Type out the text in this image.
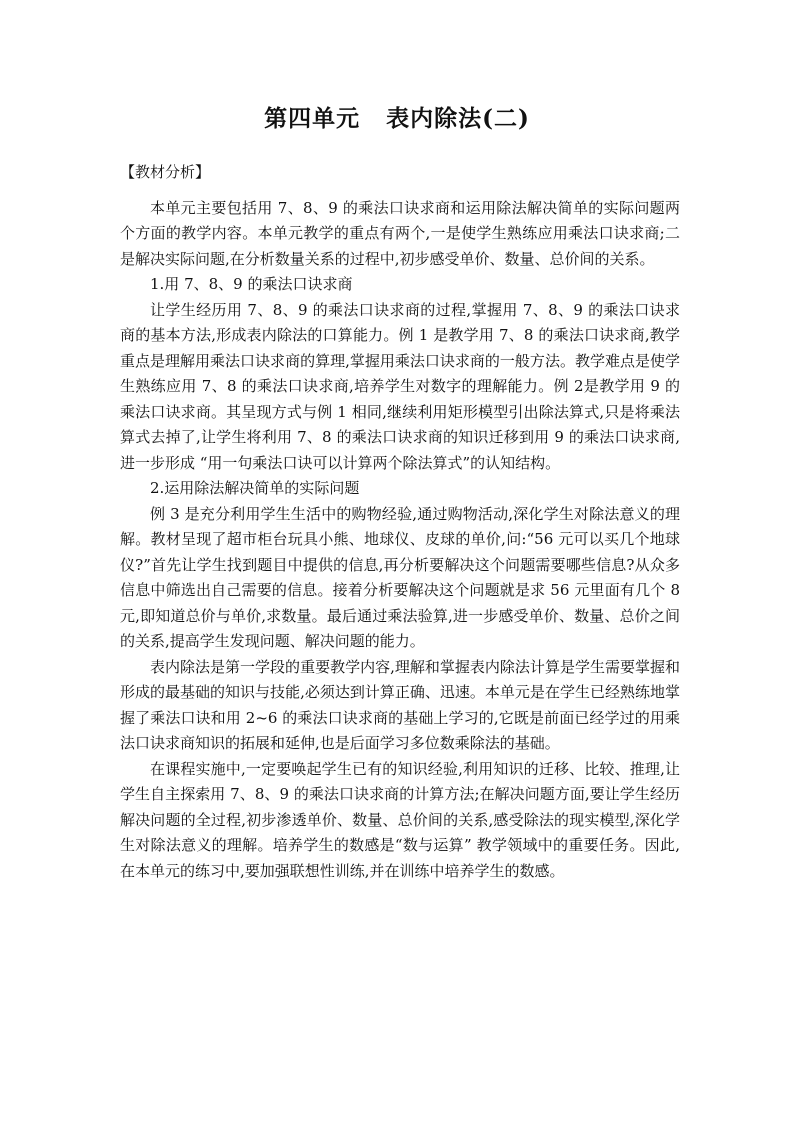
第四单元 表内除法(二)

【教材分析】

本单元主要包括用 7、8、9 的乘法口诀求商和运用除法解决简单的实际问题两个方面的教学内容。本单元教学的重点有两个,一是使学生熟练应用乘法口诀求商;二是解决实际问题,在分析数量关系的过程中,初步感受单价、数量、总价间的关系。

1.用 7、8、9 的乘法口诀求商

让学生经历用 7、8、9 的乘法口诀求商的过程,掌握用 7、8、9 的乘法口诀求商的基本方法,形成表内除法的口算能力。例 1 是教学用 7、8 的乘法口诀求商,教学重点是理解用乘法口诀求商的算理,掌握用乘法口诀求商的一般方法。教学难点是使学生熟练应用 7、8 的乘法口诀求商,培养学生对数字的理解能力。例 2是教学用 9 的乘法口诀求商。其呈现方式与例 1 相同,继续利用矩形模型引出除法算式,只是将乘法算式去掉了,让学生将利用 7、8 的乘法口诀求商的知识迁移到用 9 的乘法口诀求商,进一步形成 “用一句乘法口诀可以计算两个除法算式”的认知结构。

2.运用除法解决简单的实际问题

例 3 是充分利用学生生活中的购物经验,通过购物活动,深化学生对除法意义的理解。教材呈现了超市柜台玩具小熊、地球仪、皮球的单价,问:“56 元可以买几个地球仪?”首先让学生找到题目中提供的信息,再分析要解决这个问题需要哪些信息?从众多信息中筛选出自己需要的信息。接着分析要解决这个问题就是求 56 元里面有几个 8 元,即知道总价与单价,求数量。最后通过乘法验算,进一步感受单价、数量、总价之间的关系,提高学生发现问题、解决问题的能力。

表内除法是第一学段的重要教学内容,理解和掌握表内除法计算是学生需要掌握和形成的最基础的知识与技能,必须达到计算正确、迅速。本单元是在学生已经熟练地掌握了乘法口诀和用 2~6 的乘法口诀求商的基础上学习的,它既是前面已经学过的用乘法口诀求商知识的拓展和延伸,也是后面学习多位数乘除法的基础。

在课程实施中,一定要唤起学生已有的知识经验,利用知识的迁移、比较、推理,让学生自主探索用 7、8、9 的乘法口诀求商的计算方法;在解决问题方面,要让学生经历解决问题的全过程,初步渗透单价、数量、总价间的关系,感受除法的现实模型,深化学生对除法意义的理解。培养学生的数感是“数与运算” 教学领域中的重要任务。因此,在本单元的练习中,要加强联想性训练,并在训练中培养学生的数感。
